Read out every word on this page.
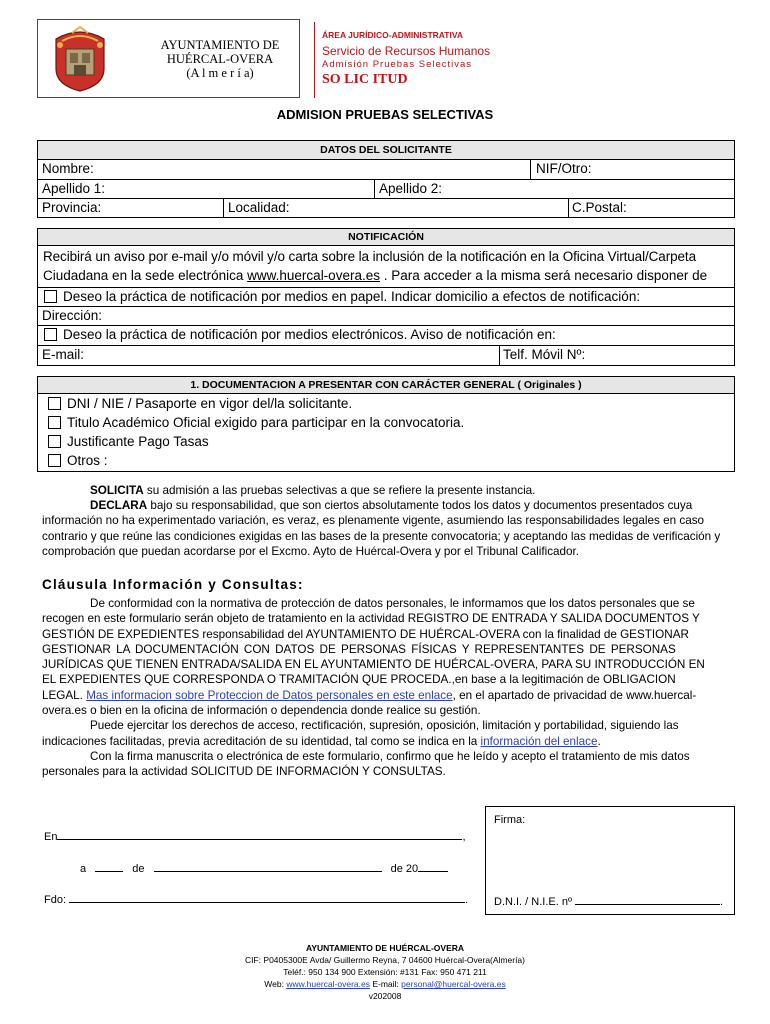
AYUNTAMIENTO DE
HUÉRCAL-OVERA
(A l m e r í a)
ÁREA JURÍDICO-ADMINISTRATIVA
Servicio de Recursos Humanos
Admisión Pruebas Selectivas
SO LIC ITUD
ADMISION PRUEBAS SELECTIVAS
DATOS DEL SOLICITANTE
Nombre:	NIF/Otro:
Apellido 1:	Apellido 2:
Provincia:	Localidad:	C.Postal:
NOTIFICACIÓN
Recibirá un aviso por e-mail y/o móvil y/o carta sobre la inclusión de la notificación en la Oficina Virtual/Carpeta
Ciudadana en la sede electrónica www.huercal-overa.es . Para acceder a la misma será necesario disponer de
Deseo la práctica de notificación por medios en papel. Indicar domicilio a efectos de notificación:
Dirección:
Deseo la práctica de notificación por medios electrónicos. Aviso de notificación en:
E-mail:	Telf. Móvil Nº:
1. DOCUMENTACION A PRESENTAR CON CARÁCTER GENERAL ( Originales )
DNI / NIE / Pasaporte en vigor del/la solicitante.
Titulo Académico Oficial exigido para participar en la convocatoria.
Justificante Pago Tasas
Otros :
SOLICITA su admisión a las pruebas selectivas a que se refiere la presente instancia.
DECLARA bajo su responsabilidad, que son ciertos absolutamente todos los datos y documentos presentados cuya
información no ha experimentado variación, es veraz, es plenamente vigente, asumiendo las responsabilidades legales en caso
contrario y que reúne las condiciones exigidas en las bases de la presente convocatoria; y aceptando las medidas de verificación y
comprobación que puedan acordarse por el Excmo. Ayto de Huércal-Overa y por el Tribunal Calificador.
Cláusula Información y Consultas:
De conformidad con la normativa de protección de datos personales, le informamos que los datos personales que se
recogen en este formulario serán objeto de tratamiento en la actividad REGISTRO DE ENTRADA Y SALIDA DOCUMENTOS Y
GESTIÓN DE EXPEDIENTES responsabilidad del AYUNTAMIENTO DE HUÉRCAL-OVERA con la finalidad de GESTIONAR
GESTIONAR LA DOCUMENTACIÓN CON DATOS DE PERSONAS FÍSICAS Y REPRESENTANTES DE PERSONAS
JURÍDICAS QUE TIENEN ENTRADA/SALIDA EN EL AYUNTAMIENTO DE HUÉRCAL-OVERA, PARA SU INTRODUCCIÓN EN
EL EXPEDIENTES QUE CORRESPONDA O TRAMITACIÓN QUE PROCEDA.,en base a la legitimación de OBLIGACION
LEGAL. Mas informacion sobre Proteccion de Datos personales en este enlace, en el apartado de privacidad de www.huercal-
overa.es o bien en la oficina de información o dependencia donde realice su gestión.
Puede ejercitar los derechos de acceso, rectificación, supresión, oposición, limitación y portabilidad, siguiendo las
indicaciones facilitadas, previa acreditación de su identidad, tal como se indica en la información del enlace.
Con la firma manuscrita o electrónica de este formulario, confirmo que he leído y acepto el tratamiento de mis datos
personales para la actividad SOLICITUD DE INFORMACIÓN Y CONSULTAS.
En	,
a	de	de 20
Fdo:	.
Firma:
D.N.I. / N.I.E. nº	.
AYUNTAMIENTO DE HUÉRCAL-OVERA
CIF: P0405300E Avda/ Guillermo Reyna, 7 04600 Huércal-Overa(Almería)
Teléf.: 950 134 900 Extensión: #131 Fax: 950 471 211
Web: www.huercal-overa.es E-mail: personal@huercal-overa.es
v202008
